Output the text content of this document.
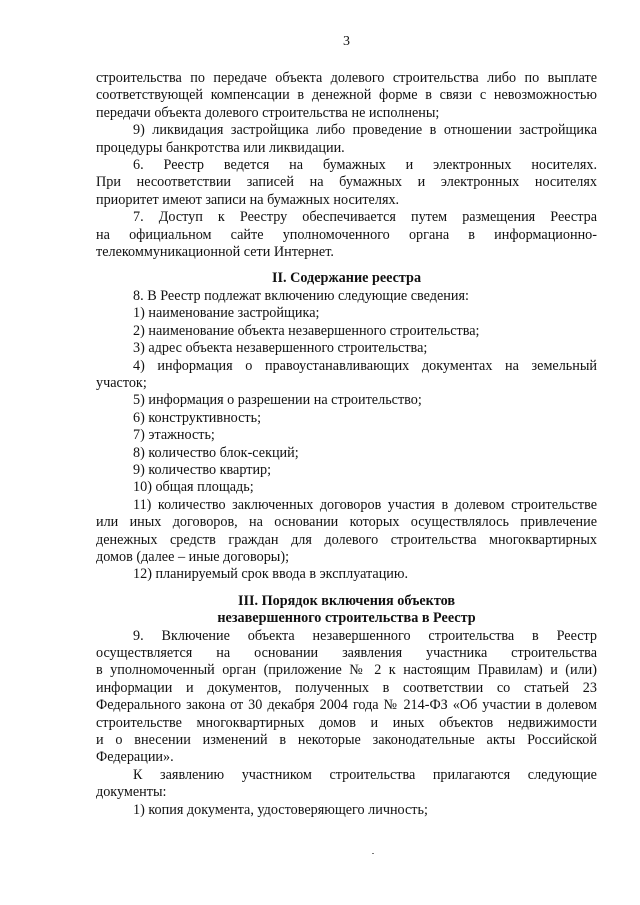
3

строительства по передаче объекта долевого строительства либо по выплате

соответствующей компенсации в денежной форме в связи с невозможностью

передачи объекта долевого строительства не исполнены;

9) ликвидация застройщика либо проведение в отношении застройщика

процедуры банкротства или ликвидации.

6. Реестр ведется на бумажных и электронных носителях.

При несоответствии записей на бумажных и электронных носителях

приоритет имеют записи на бумажных носителях.

7. Доступ к Реестру обеспечивается путем размещения Реестра

на официальном сайте уполномоченного органа в информационно-

телекоммуникационной сети Интернет.

II. Содержание реестра

8. В Реестр подлежат включению следующие сведения:

1) наименование застройщика;

2) наименование объекта незавершенного строительства;

3) адрес объекта незавершенного строительства;

4) информация о правоустанавливающих документах на земельный

участок;

5) информация о разрешении на строительство;

6) конструктивность;

7) этажность;

8) количество блок-секций;

9) количество квартир;

10) общая площадь;

11) количество заключенных договоров участия в долевом строительстве

или иных договоров, на основании которых осуществлялось привлечение

денежных средств граждан для долевого строительства многоквартирных

домов (далее – иные договоры);

12) планируемый срок ввода в эксплуатацию.

III. Порядок включения объектов
незавершенного строительства в Реестр

9. Включение объекта незавершенного строительства в Реестр

осуществляется на основании заявления участника строительства

в уполномоченный орган (приложение № 2 к настоящим Правилам) и (или)

информации и документов, полученных в соответствии со статьей 23

Федерального закона от 30 декабря 2004 года № 214-ФЗ «Об участии в долевом

строительстве многоквартирных домов и иных объектов недвижимости

и о внесении изменений в некоторые законодательные акты Российской

Федерации».

К заявлению участником строительства прилагаются следующие

документы:

1) копия документа, удостоверяющего личность;
